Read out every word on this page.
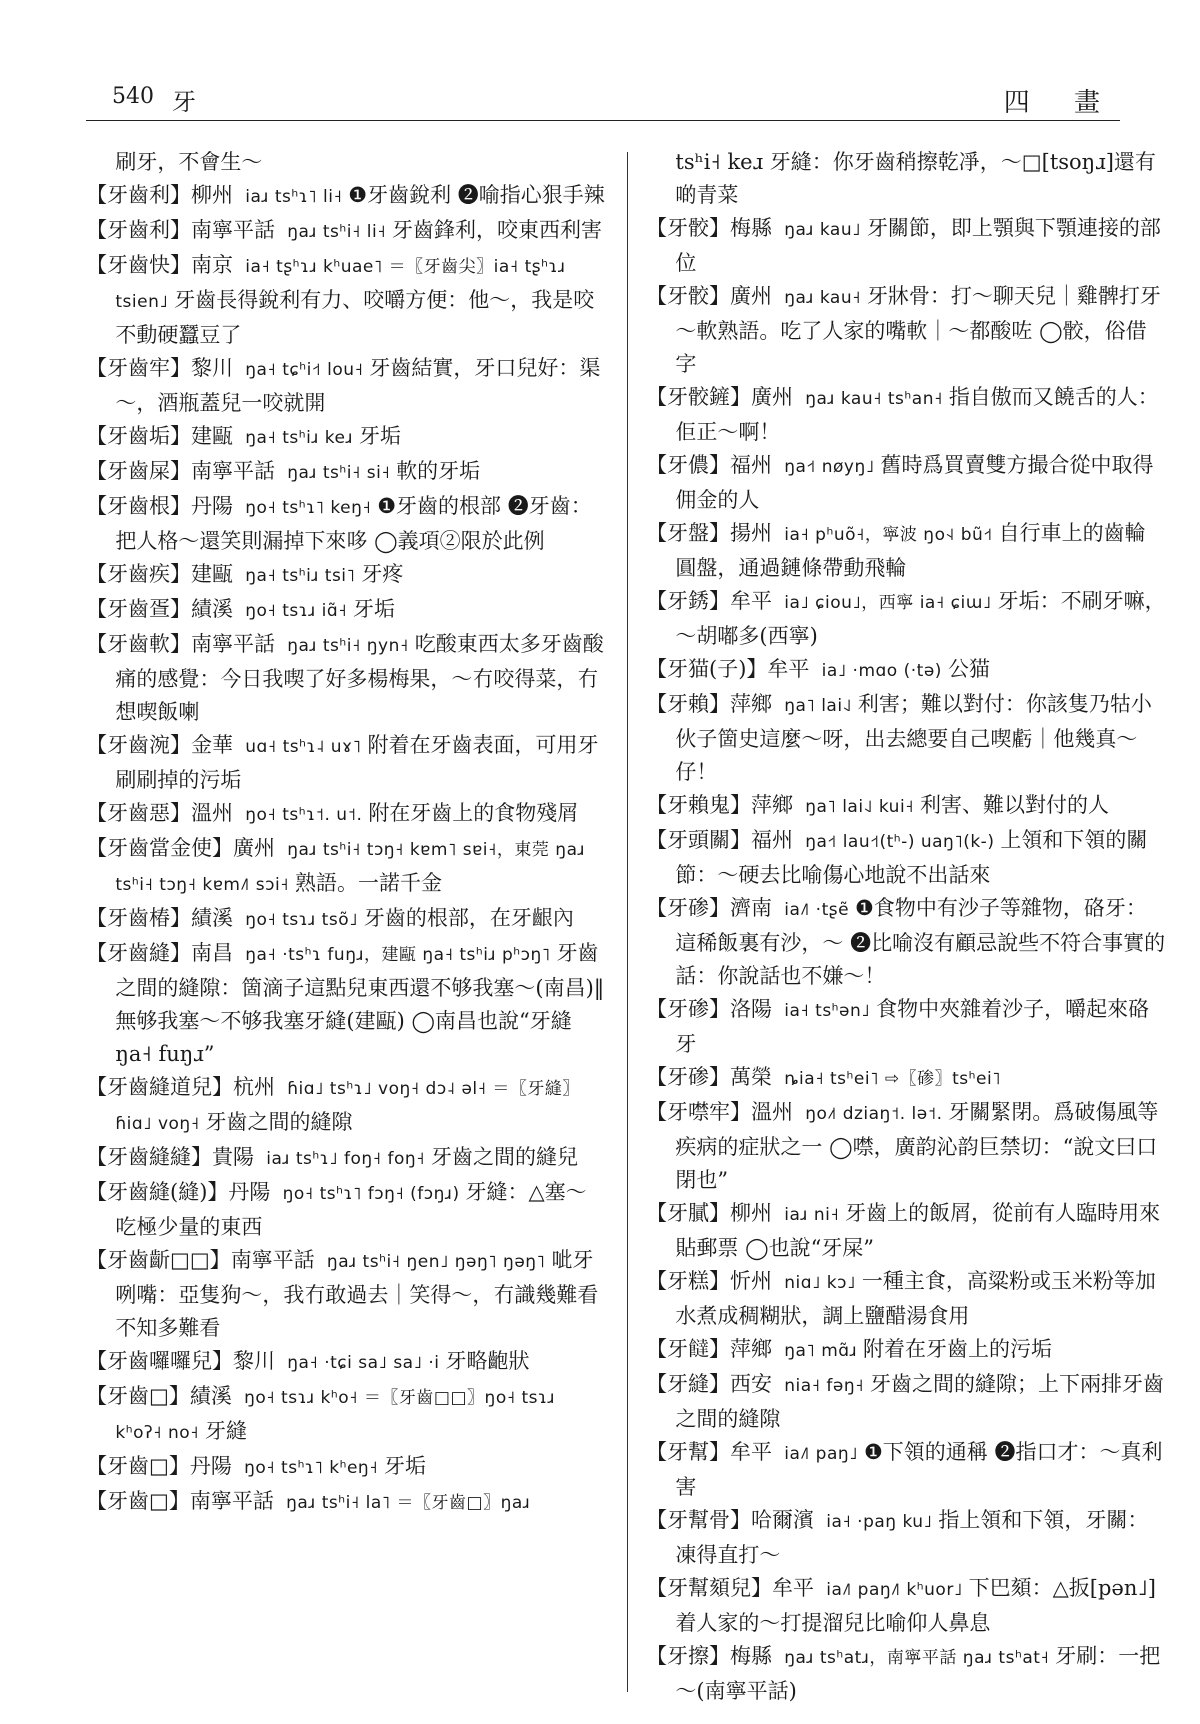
540 牙	四 畫

刷牙，不會生～

【牙齒利】柳州 iaɹ tsʰɿ˥ li˧ ❶牙齒銳利 ❷喻指心狠手辣

【牙齒利】南寧平話 ŋaɹ tsʰi˧ li˧ 牙齒鋒利，咬東西利害

【牙齒快】南京 ia˧ tʂʰɿɹ kʰuae˥ ＝〖牙齒尖〗ia˧ tʂʰɿɹ tsien˩ 牙齒長得銳利有力、咬嚼方便：他～，我是咬不動硬蠶豆了

【牙齒牢】黎川 ŋa˧ tɕʰi˧˦ lou˧ 牙齒結實，牙口兒好：渠～，酒瓶蓋兒一咬就開

【牙齒垢】建甌 ŋa˧ tsʰiɹ keɹ 牙垢

【牙齒屎】南寧平話 ŋaɹ tsʰi˧ si˧ 軟的牙垢

【牙齒根】丹陽 ŋo˧ tsʰɿ˥ keŋ˧ ❶牙齒的根部 ❷牙齒：把人格～還笑則漏掉下來哆 ◯義項②限於此例

【牙齒疾】建甌 ŋa˧ tsʰiɹ tsi˥ 牙疼

【牙齒疍】績溪 ŋo˧ tsɿɹ iɑ̃˧ 牙垢

【牙齒軟】南寧平話 ŋaɹ tsʰi˧ ŋyn˧ 吃酸東西太多牙齒酸痛的感覺：今日我喫了好多楊梅果，～冇咬得菜，冇想喫飯喇

【牙齒涴】金華 uɑ˧ tsʰɿ˨ uɤ˥ 附着在牙齒表面，可用牙刷刷掉的污垢

【牙齒惡】溫州 ŋo˧ tsʰɿ˦. u˦. 附在牙齒上的食物殘屑

【牙齒當金使】廣州 ŋaɹ tsʰi˧ tɔŋ˧ kɐm˥ sɐi˧，東莞 ŋaɹ tsʰi˧ tɔŋ˧ kɐm˩˥ sɔi˧ 熟語。一諾千金

【牙齒椿】績溪 ŋo˧ tsɿɹ tsõ˩ 牙齒的根部，在牙齦內

【牙齒縫】南昌 ŋa˧ ·tsʰɿ fuŋɹ，建甌 ŋa˧ tsʰiɹ pʰɔŋ˥ 牙齒之間的縫隙：箇滴子這點兒東西還不够我塞～(南昌)‖無够我塞～不够我塞牙縫(建甌) ◯南昌也說“牙縫 ŋa˧ fuŋɹ”

【牙齒縫道兒】杭州 ɦiɑ˩ tsʰɿ˩ voŋ˧ dɔ˨ əl˧ ＝〖牙縫〗ɦiɑ˩ voŋ˧ 牙齒之間的縫隙

【牙齒縫縫】貴陽 iaɹ tsʰɿ˩ foŋ˧ foŋ˧ 牙齒之間的縫兒

【牙齒縫(縫)】丹陽 ŋo˧ tsʰɿ˥ fɔŋ˧ (fɔŋɹ) 牙縫：△塞～吃極少量的東西

【牙齒齗□□】南寧平話 ŋaɹ tsʰi˧ ŋen˩ ŋəŋ˥ ŋəŋ˥ 呲牙咧嘴：亞隻狗～，我冇敢過去｜笑得～，冇識幾難看不知多難看

【牙齒囉囉兒】黎川 ŋa˧ ·tɕi sa˩ sa˩ ·i 牙略齙狀

【牙齒□】績溪 ŋo˧ tsɿɹ kʰo˧ ＝〖牙齒□□〗ŋo˧ tsɿɹ kʰoʔ˧ no˧ 牙縫

【牙齒□】丹陽 ŋo˧ tsʰɿ˥ kʰeŋ˧ 牙垢

【牙齒□】南寧平話 ŋaɹ tsʰi˧ la˥ ＝〖牙齒□〗ŋaɹ

tsʰi˧ keɹ 牙縫：你牙齒稍擦乾凈，～□[tsoŋɹ]還有啲青菜

【牙骹】梅縣 ŋaɹ kau˩ 牙關節，即上顎與下顎連接的部位

【牙骹】廣州 ŋaɹ kau˧ 牙牀骨：打～聊天兒｜雞髀打牙～軟熟語。吃了人家的嘴軟｜～都酸咗 ◯骹，俗借字

【牙骹鏟】廣州 ŋaɹ kau˧ tsʰan˧ 指自傲而又饒舌的人：佢正～啊！

【牙儂】福州 ŋa˧˦ nøyŋ˩ 舊時爲買賣雙方撮合從中取得佣金的人

【牙盤】揚州 ia˧ pʰuõ˧，寧波 ŋo˧˨ bũ˧˦ 自行車上的齒輪圓盤，通過鏈條帶動飛輪

【牙銹】牟平 ia˩ ɕiou˩，西寧 ia˧ ɕiɯ˩ 牙垢：不刷牙嘛，～胡嘟多(西寧)

【牙猫(子)】牟平 ia˩ ·mɑo (·tə) 公猫

【牙賴】萍鄉 ŋa˥ lai˨˩ 利害；難以對付：你該隻乃牯小伙子箇史這麼～呀，出去總要自己喫虧｜他幾真～仔！

【牙賴鬼】萍鄉 ŋa˥ lai˨˩ kui˧ 利害、難以對付的人

【牙頭關】福州 ŋa˧˦ lau˧˦(tʰ-) uaŋ˥(k-) 上領和下領的關節：～硬去比喻傷心地說不出話來

【牙碜】濟南 ia˩˥ ·tʂẽ ❶食物中有沙子等雜物，硌牙：這稀飯裏有沙，～ ❷比喻沒有顧忌說些不符合事實的話：你說話也不嫌～！

【牙碜】洛陽 ia˧ tsʰən˩ 食物中夾雜着沙子，嚼起來硌牙

【牙碜】萬榮 ȵia˧ tsʰei˥ ⇨〖碜〗tsʰei˥

【牙噤牢】溫州 ŋo˩˦ dziaŋ˦. lə˦. 牙關緊閉。爲破傷風等疾病的症狀之一 ◯噤，廣韵沁韵巨禁切：“說文曰口閉也”

【牙膩】柳州 iaɹ ni˧ 牙齒上的飯屑，從前有人臨時用來貼郵票 ◯也說“牙屎”

【牙糕】忻州 niɑ˩ kɔ˩ 一種主食，高粱粉或玉米粉等加水煮成稠糊狀，調上鹽醋湯食用

【牙𩟐】萍鄉 ŋa˥ mɑ̃ɹ 附着在牙齒上的污垢

【牙縫】西安 nia˧ fəŋ˧ 牙齒之間的縫隙；上下兩排牙齒之間的縫隙

【牙幫】牟平 ia˩˥ paŋ˩ ❶下領的通稱 ❷指口才：～真利害

【牙幫骨】哈爾濱 ia˧ ·paŋ ku˩ 指上領和下領，牙關：凍得直打～

【牙幫頦兒】牟平 ia˩˥ paŋ˩˥ kʰuor˩ 下巴頦：△扳[pən˩]着人家的～打提溜兒比喻仰人鼻息

【牙擦】梅縣 ŋaɹ tsʰatɹ，南寧平話 ŋaɹ tsʰat˧ 牙刷：一把～(南寧平話)
